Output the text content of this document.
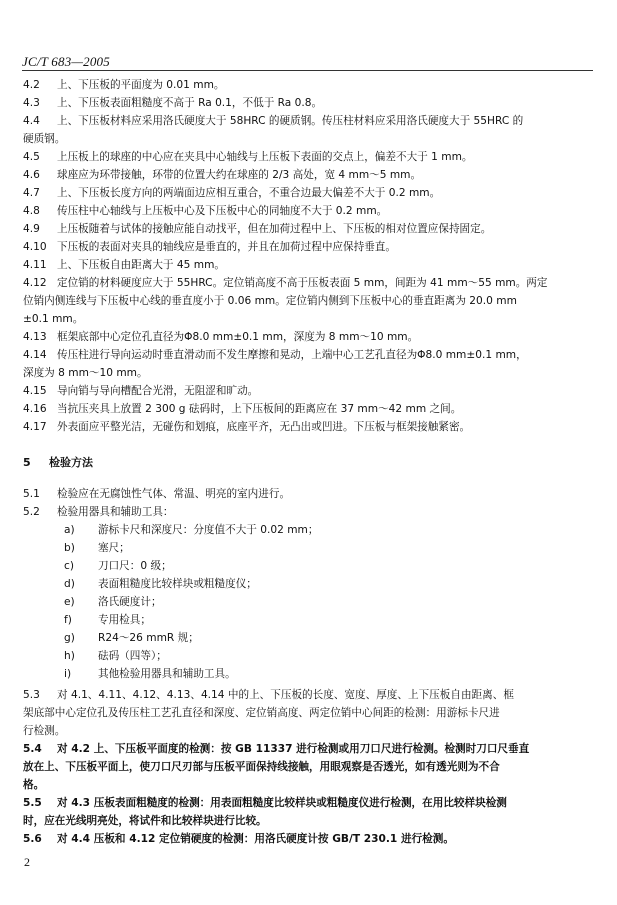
JC/T 683—2005
4.2 上、下压板的平面度为 0.01 mm。
4.3 上、下压板表面粗糙度不高于 Ra 0.1，不低于 Ra 0.8。
4.4 上、下压板材料应采用洛氏硬度大于 58HRC 的硬质钢。传压柱材料应采用洛氏硬度大于 55HRC 的
硬质钢。
4.5 上压板上的球座的中心应在夹具中心轴线与上压板下表面的交点上，偏差不大于 1 mm。
4.6 球座应为环带接触，环带的位置大约在球座的 2/3 高处，宽 4 mm～5 mm。
4.7 上、下压板长度方向的两端面边应相互重合，不重合边最大偏差不大于 0.2 mm。
4.8 传压柱中心轴线与上压板中心及下压板中心的同轴度不大于 0.2 mm。
4.9 上压板随着与试体的接触应能自动找平，但在加荷过程中上、下压板的相对位置应保持固定。
4.10 下压板的表面对夹具的轴线应是垂直的，并且在加荷过程中应保持垂直。
4.11 上、下压板自由距离大于 45 mm。
4.12 定位销的材料硬度应大于 55HRC。定位销高度不高于压板表面 5 mm，间距为 41 mm～55 mm。两定
位销内侧连线与下压板中心线的垂直度小于 0.06 mm。定位销内侧到下压板中心的垂直距离为 20.0 mm
±0.1 mm。
4.13 框架底部中心定位孔直径为Φ8.0 mm±0.1 mm，深度为 8 mm～10 mm。
4.14 传压柱进行导向运动时垂直滑动而不发生摩擦和晃动，上端中心工艺孔直径为Φ8.0 mm±0.1 mm，
深度为 8 mm～10 mm。
4.15 导向销与导向槽配合光滑，无阻涩和旷动。
4.16 当抗压夹具上放置 2 300 g 砝码时，上下压板间的距离应在 37 mm～42 mm 之间。
4.17 外表面应平整光洁，无碰伤和划痕，底座平齐，无凸出或凹进。下压板与框架接触紧密。
5 检验方法
5.1 检验应在无腐蚀性气体、常温、明亮的室内进行。
5.2 检验用器具和辅助工具：
a) 游标卡尺和深度尺：分度值不大于 0.02 mm；
b) 塞尺；
c) 刀口尺：0 级；
d) 表面粗糙度比较样块或粗糙度仪；
e) 洛氏硬度计；
f) 专用检具；
g) R24～26 mmR 规；
h) 砝码（四等）；
i)	其他检验用器具和辅助工具。
5.3 对 4.1、4.11、4.12、4.13、4.14 中的上、下压板的长度、宽度、厚度、上下压板自由距离、框
架底部中心定位孔及传压柱工艺孔直径和深度、定位销高度、两定位销中心间距的检测：用游标卡尺进
行检测。
5.4 对 4.2 上、下压板平面度的检测：按 GB 11337 进行检测或用刀口尺进行检测。检测时刀口尺垂直
放在上、下压板平面上，使刀口尺刃部与压板平面保持线接触，用眼观察是否透光，如有透光则为不合
格。
5.5 对 4.3 压板表面粗糙度的检测：用表面粗糙度比较样块或粗糙度仪进行检测，在用比较样块检测
时，应在光线明亮处，将试件和比较样块进行比较。
5.6 对 4.4 压板和 4.12 定位销硬度的检测：用洛氏硬度计按 GB/T 230.1 进行检测。
2
